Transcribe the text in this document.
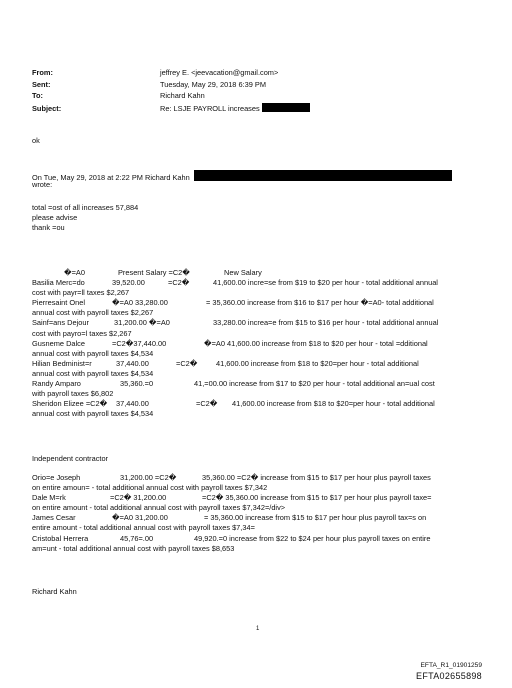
From:	jeffrey E. <jeevacation@gmail.com>
Sent:	Tuesday, May 29, 2018 6:39 PM
To:	Richard Kahn
Subject:	Re: LSJE PAYROLL increases
ok
On Tue, May 29, 2018 at 2:22 PM Richard Kahn
wrote:
total =ost of all increases 57,884
please advise
thank =ou
�=A0	Present Salary =C2�	New Salary
Basilia Merc=do	39,520.00	=C2�	41,600.00 incre=se from $19 to $20 per hour - total additional annual
cost with payr=ll taxes $2,267
Pierresaint Onel	�=A0 33,280.00	= 35,360.00 increase from $16 to $17 per hour �=A0- total additional
annual cost with payroll taxes $2,267
Sainf=ans Dejour	31,200.00 �=A0	33,280.00 increa=e from $15 to $16 per hour - total additional annual
cost with payro=l taxes $2,267
Gusneme Dalce	=C2�37,440.00	�=A0 41,600.00 increase from $18 to $20 per hour - total =dditional
annual cost with payroll taxes $4,534
Hilian Bedminist=r	37,440.00	=C2�	41,600.00 increase from $18 to $20=per hour - total additional
annual cost with payroll taxes $4,534
Randy Amparo	35,360.=0	41,=00.00 increase from $17 to $20 per hour - total additional an=ual cost
with payroll taxes $6,802
Sheridon Elizee =C2� 37,440.00	=C2� 41,600.00 increase from $18 to $20=per hour - total additional
annual cost with payroll taxes $4,534
Independent contractor
Orio=e Joseph	31,200.00 =C2�	35,360.00 =C2� increase from $15 to $17 per hour plus payroll taxes
on entire amoun= - total additional annual cost with payroll taxes $7,342
Dale M=rk	=C2� 31,200.00	=C2� 35,360.00 increase from $15 to $17 per hour plus payroll taxe=
on entire amount - total additional annual cost with payroll taxes $7,342=/div>
James Cesar	�=A0 31,200.00	= 35,360.00 increase from $15 to $17 per hour plus payroll tax=s on
entire amount - total additional annual cost with payroll taxes $7,34=
Cristobal Herrera	45,76=.00	49,920.=0 increase from $22 to $24 per hour plus payroll taxes on entire
am=unt - total additional annual cost with payroll taxes $8,653
Richard Kahn
1
EFTA_R1_01901259
EFTA02655898
